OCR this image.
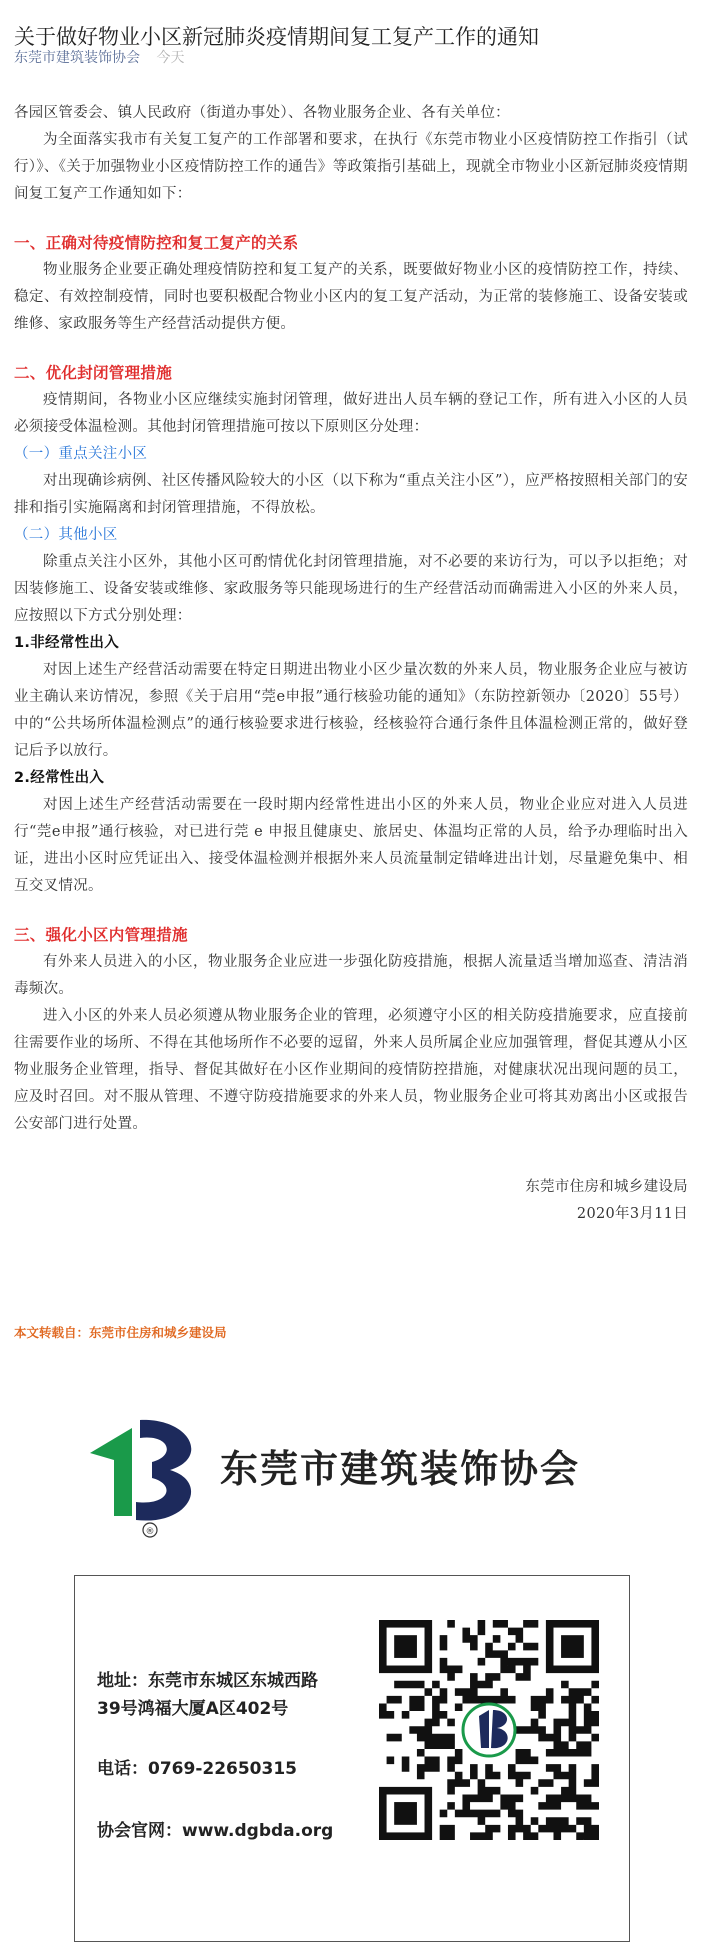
关于做好物业小区新冠肺炎疫情期间复工复产工作的通知
东莞市建筑装饰协会 今天

各园区管委会、镇人民政府（街道办事处）、各物业服务企业、各有关单位：

为全面落实我市有关复工复产的工作部署和要求，在执行《东莞市物业小区疫情防控工作指引（试行）》、《关于加强物业小区疫情防控工作的通告》等政策指引基础上，现就全市物业小区新冠肺炎疫情期间复工复产工作通知如下：

一、正确对待疫情防控和复工复产的关系

物业服务企业要正确处理疫情防控和复工复产的关系，既要做好物业小区的疫情防控工作，持续、稳定、有效控制疫情，同时也要积极配合物业小区内的复工复产活动，为正常的装修施工、设备安装或维修、家政服务等生产经营活动提供方便。

二、优化封闭管理措施

疫情期间，各物业小区应继续实施封闭管理，做好进出人员车辆的登记工作，所有进入小区的人员必须接受体温检测。其他封闭管理措施可按以下原则区分处理：

（一）重点关注小区

对出现确诊病例、社区传播风险较大的小区（以下称为“重点关注小区”），应严格按照相关部门的安排和指引实施隔离和封闭管理措施，不得放松。

（二）其他小区

除重点关注小区外，其他小区可酌情优化封闭管理措施，对不必要的来访行为，可以予以拒绝；对因装修施工、设备安装或维修、家政服务等只能现场进行的生产经营活动而确需进入小区的外来人员，应按照以下方式分别处理：

1.非经常性出入

对因上述生产经营活动需要在特定日期进出物业小区少量次数的外来人员，物业服务企业应与被访业主确认来访情况，参照《关于启用“莞e申报”通行核验功能的通知》（东防控新领办〔2020〕55号）中的“公共场所体温检测点”的通行核验要求进行核验，经核验符合通行条件且体温检测正常的，做好登记后予以放行。

2.经常性出入

对因上述生产经营活动需要在一段时期内经常性进出小区的外来人员，物业企业应对进入人员进行“莞e申报”通行核验，对已进行莞 e 申报且健康史、旅居史、体温均正常的人员，给予办理临时出入证，进出小区时应凭证出入、接受体温检测并根据外来人员流量制定错峰进出计划，尽量避免集中、相互交叉情况。

三、强化小区内管理措施

有外来人员进入的小区，物业服务企业应进一步强化防疫措施，根据人流量适当增加巡查、清洁消毒频次。

进入小区的外来人员必须遵从物业服务企业的管理，必须遵守小区的相关防疫措施要求，应直接前往需要作业的场所、不得在其他场所作不必要的逗留，外来人员所属企业应加强管理，督促其遵从小区物业服务企业管理，指导、督促其做好在小区作业期间的疫情防控措施，对健康状况出现问题的员工，应及时召回。对不服从管理、不遵守防疫措施要求的外来人员，物业服务企业可将其劝离出小区或报告公安部门进行处置。

东莞市住房和城乡建设局

2020年3月11日

本文转载自：东莞市住房和城乡建设局
®
东莞市建筑装饰协会
地址：东莞市东城区东城西路
39号鸿福大厦A区402号
电话：0769-22650315
协会官网：www.dgbda.org
